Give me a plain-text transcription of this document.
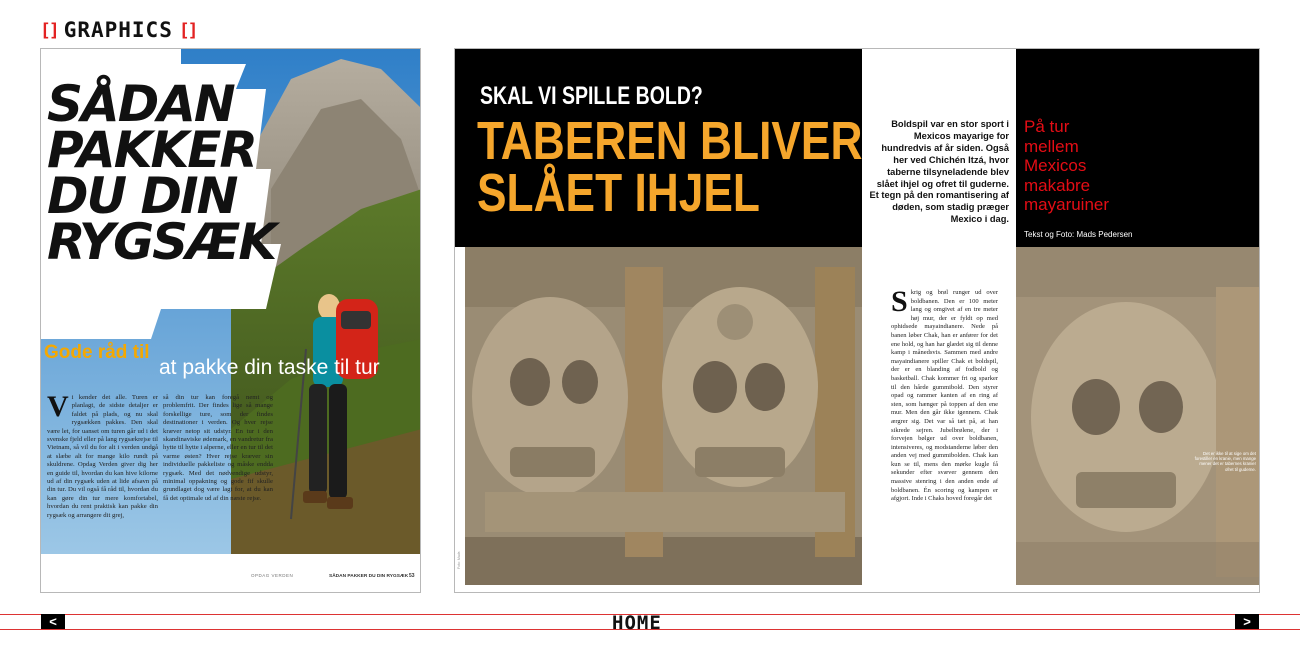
[] GRAPHICS []
SÅDAN
PAKKER
DU DIN
RYGSÆK
Gode råd til
at pakke din taske til tur
V i kender det alle. Turen er planlagt, de sidste detaljer er faldet på plads, og nu skal rygsækken pakkes. Den skal være let, for uanset om turen går ud i det svenske fjeld eller på lang rygsækrejse til Vietnam, så vil du for alt i verden undgå at slæbe alt for mange kilo rundt på skuldrene. Opdag Verden giver dig her en guide til, hvordan du kan hive kilorne ud af din rygsæk uden at lide afsavn på din tur. Du vil også få råd til, hvordan du kan gøre din tur mere komfortabel, hvordan du rent praktisk kan pakke din rygsæk og arrangere dit grej,
så din tur kan foregå nemt og problemfrit. Der findes lige så mange forskellige ture, som der findes destinationer i verden. Og hver rejse kræver netop sit udstyr. En tur i den skandinaviske ødemark, en vandretur fra hytte til hytte i alperne, eller en tur til det varme østen? Hver rejse kræver sin individuelle pakkeliste og måske endda rygsæk. Med det nødvendige udstyr, minimal oppakning og gode fif skulle grundlaget dog være lagt for, at du kan få det optimale ud af din næste rejse.
OPDAG VERDEN	SÅDAN PAKKER DU DIN RYGSÆK 53
SKAL VI SPILLE BOLD?
TABEREN BLIVER
SLÅET IHJEL
Boldspil var en stor sport i Mexicos mayarige for hundredvis af år siden. Også her ved Chichén Itzá, hvor taberne tilsyneladende blev slået ihjel og ofret til guderne. Et tegn på den romantisering af døden, som stadig præger Mexico i dag.
S krig og brøl runger ud over boldbanen. Den er 100 meter lang og omgivet af en tre meter høj mur, der er fyldt op med ophidsede mayaindianere. Nede på banen løber Chak, han er anfører for det ene hold, og han har glædet sig til denne kamp i månedsvis. Sammen med andre mayaindianere spiller Chak et boldspil, der er en blanding af fodbold og basketball. Chak kommer fri og sparker til den hårde gummibold. Den styrer opad og rammer kanten af en ring af sten, som hænger på toppen af den ene mur. Men den går ikke igennem. Chak ærgrer sig. Det var så tæt på, at han sikrede sejren. Jubelbrølene, der i forvejen bølger ud over boldbanen, intensiveres, og modstanderne løber den anden vej med gummibolden. Chak kan kun se til, mens den mørke kugle få sekunder efter svæver gennem den massive stenring i den anden ende af boldbanen. Én scoring og kampen er afgjort. Inde i Chaks hoved foregår det
På tur
mellem
Mexicos
makabre
mayaruiner
Tekst og Foto: Mads Pedersen
Det er ikke til at sige om det forestiller en kranie, men mange mener det er tabernes kranier ofret til guderne.
Foto: Mads
<	HOME	>
